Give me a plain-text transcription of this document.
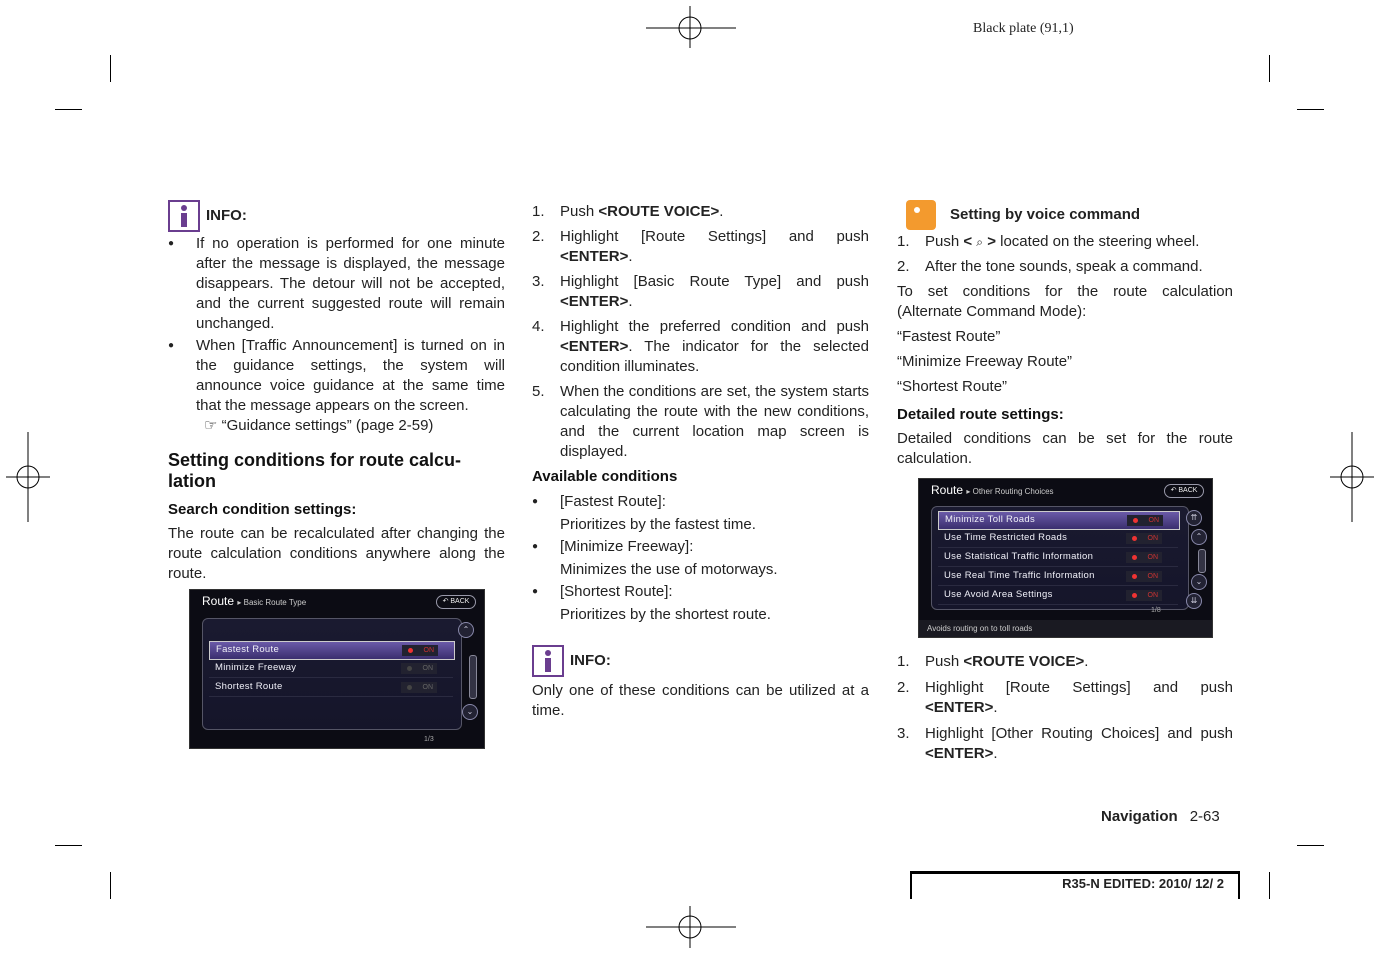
Black plate (91,1)
INFO:

● If no operation is performed for one minute after the message is displayed, the message disappears. The detour will not be accepted, and the current suggested route will remain unchanged.

● When [Traffic Announcement] is turned on in the guidance settings, the system will announce voice guidance at the same time that the message appears on the screen.

☞ “Guidance settings” (page 2-59)

Setting conditions for route calcu-lation
Search condition settings:

The route can be recalculated after changing the route calculation conditions anywhere along the route.

Route ▸ Basic Route Type	↶ BACK
Fastest Route	ON
Minimize Freeway	ON
Shortest Route	ON
⌃
⌄
1/3

1. Push <ROUTE VOICE>.

2. Highlight [Route Settings] and push <ENTER>.

3. Highlight [Basic Route Type] and push <ENTER>.

4. Highlight the preferred condition and push <ENTER>. The indicator for the selected condition illuminates.

5. When the conditions are set, the system starts calculating the route with the new conditions, and the current location map screen is displayed.

Available conditions

● [Fastest Route]:

Prioritizes by the fastest time.

● [Minimize Freeway]:

Minimizes the use of motorways.

● [Shortest Route]:

Prioritizes by the shortest route.

INFO:

Only one of these conditions can be utilized at a time.

Setting by voice command

1. Push < ⌕ > located on the steering wheel.

2. After the tone sounds, speak a command.

To set conditions for the route calculation (Alternate Command Mode):

“Fastest Route”

“Minimize Freeway Route”

“Shortest Route”

Detailed route settings:

Detailed conditions can be set for the route calculation.

Route ▸ Other Routing Choices	↶ BACK
Minimize Toll Roads	ON
Use Time Restricted Roads	ON
Use Statistical Traffic Information	ON
Use Real Time Traffic Information	ON
Use Avoid Area Settings	ON
⇈
⌃
⌄
⇊
1/8
Avoids routing on to toll roads

1. Push <ROUTE VOICE>.

2. Highlight [Route Settings] and push <ENTER>.

3. Highlight [Other Routing Choices] and push <ENTER>.

Navigation 2-63
R35-N EDITED: 2010/ 12/ 2
